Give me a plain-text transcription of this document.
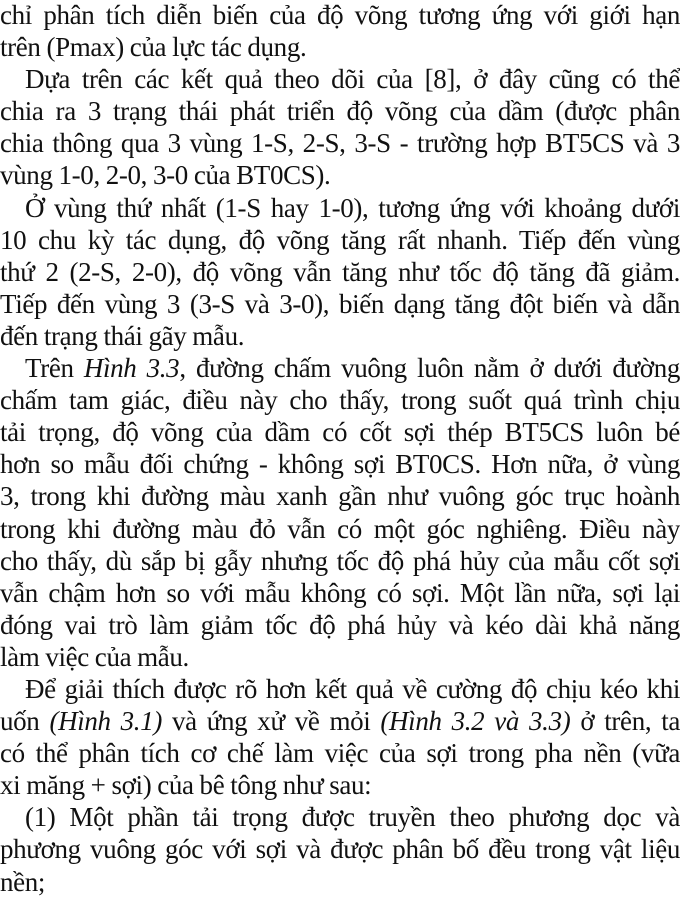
chỉ phân tích diễn biến của độ võng tương ứng với giới hạn
trên (Pmax) của lực tác dụng.
Dựa trên các kết quả theo dõi của [8], ở đây cũng có thể
chia ra 3 trạng thái phát triển độ võng của dầm (được phân
chia thông qua 3 vùng 1-S, 2-S, 3-S - trường hợp BT5CS và 3
vùng 1-0, 2-0, 3-0 của BT0CS).
Ở vùng thứ nhất (1-S hay 1-0), tương ứng với khoảng dưới
10 chu kỳ tác dụng, độ võng tăng rất nhanh. Tiếp đến vùng
thứ 2 (2-S, 2-0), độ võng vẫn tăng như tốc độ tăng đã giảm.
Tiếp đến vùng 3 (3-S và 3-0), biến dạng tăng đột biến và dẫn
đến trạng thái gãy mẫu.
Trên Hình 3.3, đường chấm vuông luôn nằm ở dưới đường
chấm tam giác, điều này cho thấy, trong suốt quá trình chịu
tải trọng, độ võng của dầm có cốt sợi thép BT5CS luôn bé
hơn so mẫu đối chứng - không sợi BT0CS. Hơn nữa, ở vùng
3, trong khi đường màu xanh gần như vuông góc trục hoành
trong khi đường màu đỏ vẫn có một góc nghiêng. Điều này
cho thấy, dù sắp bị gẫy nhưng tốc độ phá hủy của mẫu cốt sợi
vẫn chậm hơn so với mẫu không có sợi. Một lần nữa, sợi lại
đóng vai trò làm giảm tốc độ phá hủy và kéo dài khả năng
làm việc của mẫu.
Để giải thích được rõ hơn kết quả về cường độ chịu kéo khi
uốn (Hình 3.1) và ứng xử về mỏi (Hình 3.2 và 3.3) ở trên, ta
có thể phân tích cơ chế làm việc của sợi trong pha nền (vữa
xi măng + sợi) của bê tông như sau:
(1) Một phần tải trọng được truyền theo phương dọc và
phương vuông góc với sợi và được phân bố đều trong vật liệu
nền;
